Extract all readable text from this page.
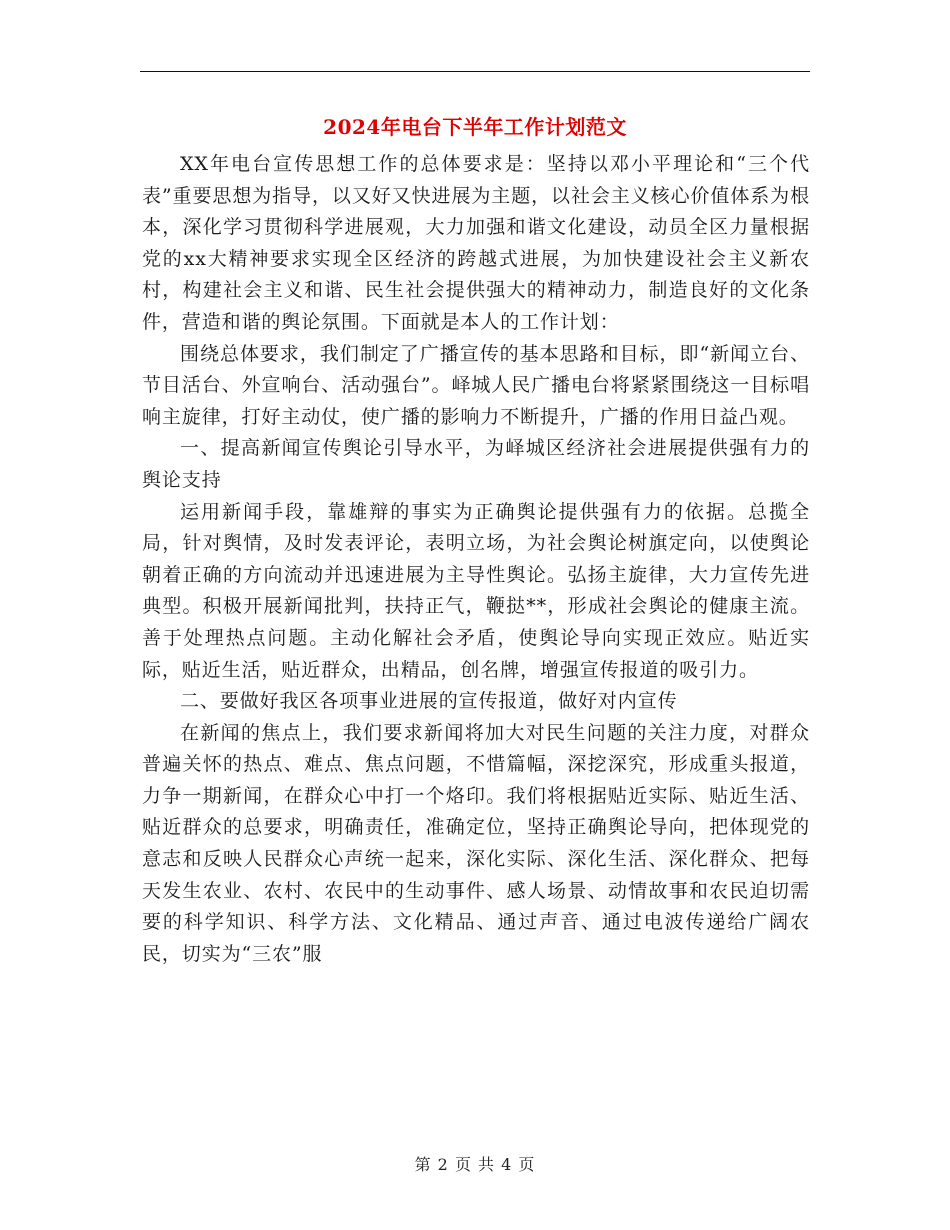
2024年电台下半年工作计划范文

XX年电台宣传思想工作的总体要求是：坚持以邓小平理论和“三个代表”重要思想为指导，以又好又快进展为主题，以社会主义核心价值体系为根本，深化学习贯彻科学进展观，大力加强和谐文化建设，动员全区力量根据党的xx大精神要求实现全区经济的跨越式进展，为加快建设社会主义新农村，构建社会主义和谐、民生社会提供强大的精神动力，制造良好的文化条件，营造和谐的舆论氛围。下面就是本人的工作计划：

围绕总体要求，我们制定了广播宣传的基本思路和目标，即“新闻立台、节目活台、外宣响台、活动强台”。峄城人民广播电台将紧紧围绕这一目标唱响主旋律，打好主动仗，使广播的影响力不断提升，广播的作用日益凸观。

一、提高新闻宣传舆论引导水平，为峄城区经济社会进展提供强有力的舆论支持

运用新闻手段，靠雄辩的事实为正确舆论提供强有力的依据。总揽全局，针对舆情，及时发表评论，表明立场，为社会舆论树旗定向，以使舆论朝着正确的方向流动并迅速进展为主导性舆论。弘扬主旋律，大力宣传先进典型。积极开展新闻批判，扶持正气，鞭挞**，形成社会舆论的健康主流。 善于处理热点问题。主动化解社会矛盾，使舆论导向实现正效应。贴近实际，贴近生活，贴近群众，出精品，创名牌，增强宣传报道的吸引力。

二、要做好我区各项事业进展的宣传报道，做好对内宣传

在新闻的焦点上，我们要求新闻将加大对民生问题的关注力度，对群众普遍关怀的热点、难点、焦点问题，不惜篇幅，深挖深究，形成重头报道，力争一期新闻，在群众心中打一个烙印。我们将根据贴近实际、贴近生活、贴近群众的总要求，明确责任，准确定位，坚持正确舆论导向，把体现党的意志和反映人民群众心声统一起来，深化实际、深化生活、深化群众、把每天发生农业、农村、农民中的生动事件、感人场景、动情故事和农民迫切需要的科学知识、科学方法、文化精品、通过声音、通过电波传递给广阔农民，切实为“三农”服

第 2 页 共 4 页
